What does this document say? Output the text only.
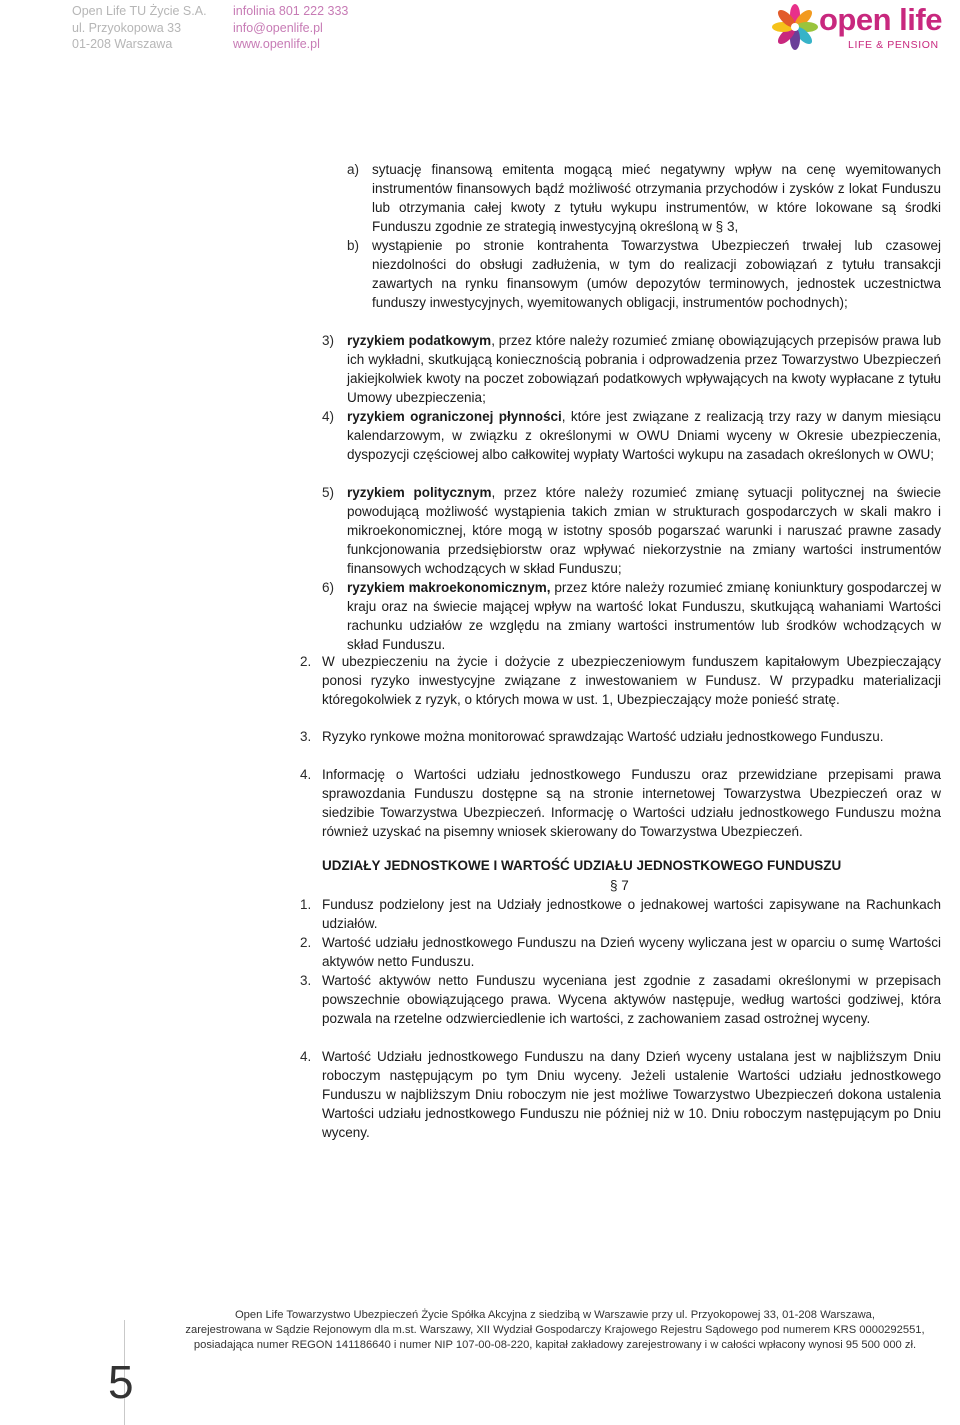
Open Life TU Życie S.A.
ul. Przyokopowa 33
01-208 Warszawa
infolinia 801 222 333
info@openlife.pl
www.openlife.pl
open life
LIFE & PENSION
a) sytuację finansową emitenta mogącą mieć negatywny wpływ na cenę wyemitowanych instrumentów finansowych bądź możliwość otrzymania przychodów i zysków z lokat Funduszu lub otrzymania całej kwoty z tytułu wykupu instrumentów, w które lokowane są środki Funduszu zgodnie ze strategią inwestycyjną określoną w § 3,
b) wystąpienie po stronie kontrahenta Towarzystwa Ubezpieczeń trwałej lub czasowej niezdolności do obsługi zadłużenia, w tym do realizacji zobowiązań z tytułu transakcji zawartych na rynku finansowym (umów depozytów terminowych, jednostek uczestnictwa funduszy inwestycyjnych, wyemitowanych obligacji, instrumentów pochodnych);
3) ryzykiem podatkowym, przez które należy rozumieć zmianę obowiązujących przepisów prawa lub ich wykładni, skutkującą koniecznością pobrania i odprowadzenia przez Towarzystwo Ubezpieczeń jakiejkolwiek kwoty na poczet zobowiązań podatkowych wpływających na kwoty wypłacane z tytułu Umowy ubezpieczenia;
4) ryzykiem ograniczonej płynności, które jest związane z realizacją trzy razy w danym miesiącu kalendarzowym, w związku z określonymi w OWU Dniami wyceny w Okresie ubezpieczenia, dyspozycji częściowej albo całkowitej wypłaty Wartości wykupu na zasadach określonych w OWU;
5) ryzykiem politycznym, przez które należy rozumieć zmianę sytuacji politycznej na świecie powodującą możliwość wystąpienia takich zmian w strukturach gospodarczych w skali makro i mikroekonomicznej, które mogą w istotny sposób pogarszać warunki i naruszać prawne zasady funkcjonowania przedsiębiorstw oraz wpływać niekorzystnie na zmiany wartości instrumentów finansowych wchodzących w skład Funduszu;
6) ryzykiem makroekonomicznym, przez które należy rozumieć zmianę koniunktury gospodarczej w kraju oraz na świecie mającej wpływ na wartość lokat Funduszu, skutkującą wahaniami Wartości rachunku udziałów ze względu na zmiany wartości instrumentów lub środków wchodzących w skład Funduszu.
2. W ubezpieczeniu na życie i dożycie z ubezpieczeniowym funduszem kapitałowym Ubezpieczający ponosi ryzyko inwestycyjne związane z inwestowaniem w Fundusz. W przypadku materializacji któregokolwiek z ryzyk, o których mowa w ust. 1, Ubezpieczający może ponieść stratę.
3. Ryzyko rynkowe można monitorować sprawdzając Wartość udziału jednostkowego Funduszu.
4. Informację o Wartości udziału jednostkowego Funduszu oraz przewidziane przepisami prawa sprawozdania Funduszu dostępne są na stronie internetowej Towarzystwa Ubezpieczeń oraz w siedzibie Towarzystwa Ubezpieczeń. Informację o Wartości udziału jednostkowego Funduszu można również uzyskać na pisemny wniosek skierowany do Towarzystwa Ubezpieczeń.
UDZIAŁY JEDNOSTKOWE I WARTOŚĆ UDZIAŁU JEDNOSTKOWEGO FUNDUSZU
§ 7
1. Fundusz podzielony jest na Udziały jednostkowe o jednakowej wartości zapisywane na Rachunkach udziałów.
2. Wartość udziału jednostkowego Funduszu na Dzień wyceny wyliczana jest w oparciu o sumę Wartości aktywów netto Funduszu.
3. Wartość aktywów netto Funduszu wyceniana jest zgodnie z zasadami określonymi w przepisach powszechnie obowiązującego prawa. Wycena aktywów następuje, według wartości godziwej, która pozwala na rzetelne odzwierciedlenie ich wartości, z zachowaniem zasad ostrożnej wyceny.
4. Wartość Udziału jednostkowego Funduszu na dany Dzień wyceny ustalana jest w najbliższym Dniu roboczym następującym po tym Dniu wyceny. Jeżeli ustalenie Wartości udziału jednostkowego Funduszu w najbliższym Dniu roboczym nie jest możliwe Towarzystwo Ubezpieczeń dokona ustalenia Wartości udziału jednostkowego Funduszu nie później niż w 10. Dniu roboczym następującym po Dniu wyceny.
5
Open Life Towarzystwo Ubezpieczeń Życie Spółka Akcyjna z siedzibą w Warszawie przy ul. Przyokopowej 33, 01-208 Warszawa,
zarejestrowana w Sądzie Rejonowym dla m.st. Warszawy, XII Wydział Gospodarczy Krajowego Rejestru Sądowego pod numerem KRS 0000292551,
posiadająca numer REGON 141186640 i numer NIP 107-00-08-220, kapitał zakładowy zarejestrowany i w całości wpłacony wynosi 95 500 000 zł.
